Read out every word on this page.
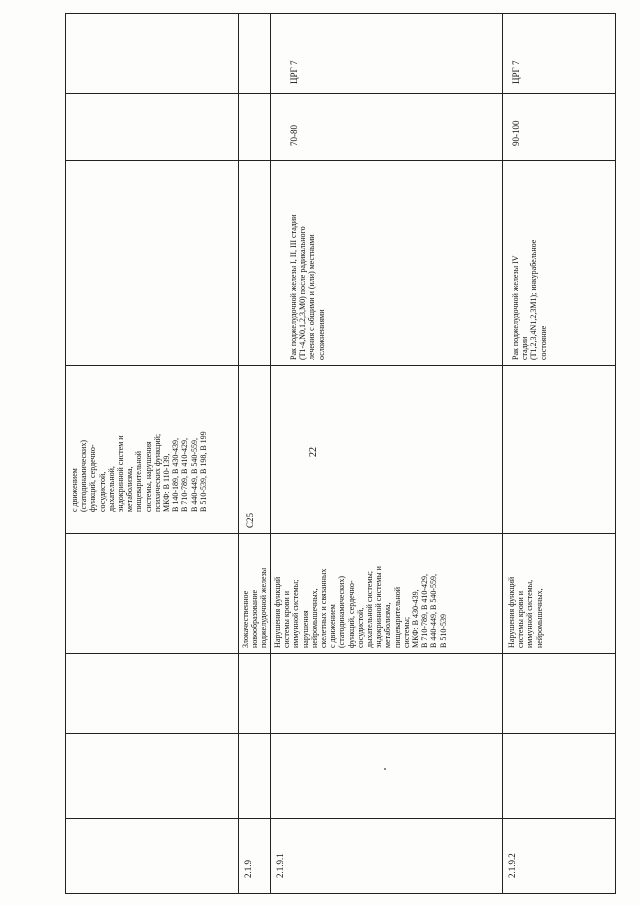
22
с движением
(статодинамических)
функций, сердечно-
сосудистой,
дыхательной,
эндокринной систем и
метаболизма,
пищеварительной
системы, нарушения
психических функций;
МКФ: В 110-139,
В 140-189, В 430-439,
В 710-789, В 410-429,
В 440-449, В 540-559,
В 510-539, В 198, В 199
2.1.9
Злокачественное
новообразование
поджелудочной железы
С25
2.1.9.1
Нарушения функций
системы крови и
иммунной системы;
нарушения
нейромышечных,
скелетных и связанных
с движением
(статодинамических)
функций, сердечно-
сосудистой,
дыхательной системы;
эндокринной системы и
метаболизма,
пищеварительной
системы;
МКФ: В 430-439,
В 710-789, В 410-429,
В 440-449, В 540-559,
В 510-539
Рак поджелудочной железы I, II, III стадии
(T1-4,N0,1,2,3,M0) после радикального
лечения с общими и (или) местными
осложнениями
70-80
ЦРГ 7
2.1.9.2
Нарушения функций
системы крови и
иммунной системы,
нейромышечных,
Рак поджелудочной железы IV стадии
(T1,2,3,4N1,2,3M1); инкурабельное состояние
90-100
ЦРГ 7
